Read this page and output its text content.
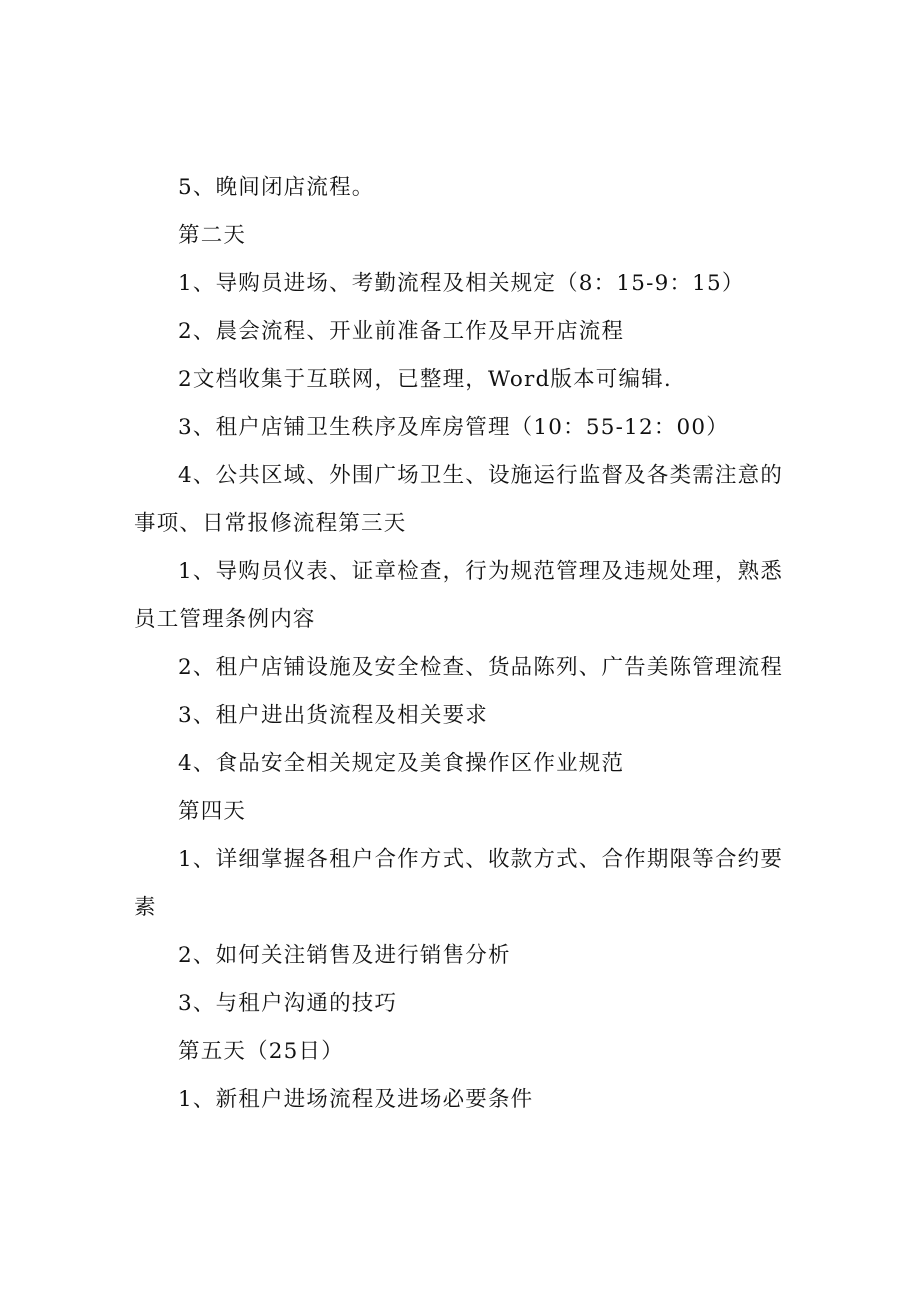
5、晚间闭店流程。

第二天

1、导购员进场、考勤流程及相关规定（8：15-9：15）

2、晨会流程、开业前准备工作及早开店流程

2文档收集于互联网，已整理，Word版本可编辑.

3、租户店铺卫生秩序及库房管理（10：55-12：00）

4、公共区域、外围广场卫生、设施运行监督及各类需注意的事项、日常报修流程第三天

1、导购员仪表、证章检查，行为规范管理及违规处理，熟悉员工管理条例内容

2、租户店铺设施及安全检查、货品陈列、广告美陈管理流程

3、租户进出货流程及相关要求

4、食品安全相关规定及美食操作区作业规范

第四天

1、详细掌握各租户合作方式、收款方式、合作期限等合约要素

2、如何关注销售及进行销售分析

3、与租户沟通的技巧

第五天（25日）

1、新租户进场流程及进场必要条件
